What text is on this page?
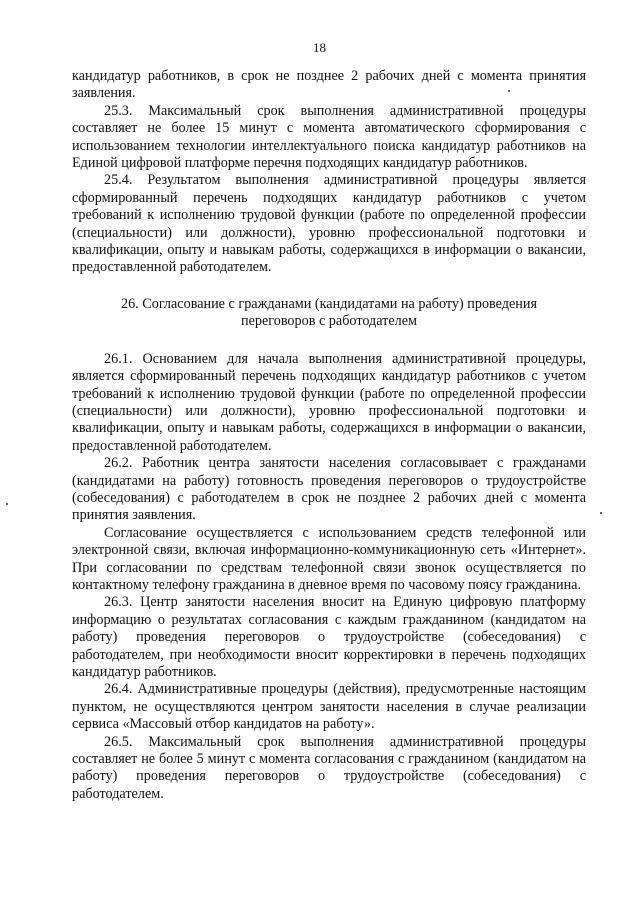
18

кандидатур работников, в срок не позднее 2 рабочих дней с момента принятия заявления.

25.3. Максимальный срок выполнения административной процедуры составляет не более 15 минут с момента автоматического сформирования с использованием технологии интеллектуального поиска кандидатур работников на Единой цифровой платформе перечня подходящих кандидатур работников.

25.4. Результатом выполнения административной процедуры является сформированный перечень подходящих кандидатур работников с учетом требований к исполнению трудовой функции (работе по определенной профессии (специальности) или должности), уровню профессиональной подготовки и квалификации, опыту и навыкам работы, содержащихся в информации о вакансии, предоставленной работодателем.

26. Согласование с гражданами (кандидатами на работу) проведения переговоров с работодателем

26.1. Основанием для начала выполнения административной процедуры, является сформированный перечень подходящих кандидатур работников с учетом требований к исполнению трудовой функции (работе по определенной профессии (специальности) или должности), уровню профессиональной подготовки и квалификации, опыту и навыкам работы, содержащихся в информации о вакансии, предоставленной работодателем.

26.2. Работник центра занятости населения согласовывает с гражданами (кандидатами на работу) готовность проведения переговоров о трудоустройстве (собеседования) с работодателем в срок не позднее 2 рабочих дней с момента принятия заявления.

Согласование осуществляется с использованием средств телефонной или электронной связи, включая информационно-коммуникационную сеть «Интернет». При согласовании по средствам телефонной связи звонок осуществляется по контактному телефону гражданина в дневное время по часовому поясу гражданина.

26.3. Центр занятости населения вносит на Единую цифровую платформу информацию о результатах согласования с каждым гражданином (кандидатом на работу) проведения переговоров о трудоустройстве (собеседования) с работодателем, при необходимости вносит корректировки в перечень подходящих кандидатур работников.

26.4. Административные процедуры (действия), предусмотренные настоящим пунктом, не осуществляются центром занятости населения в случае реализации сервиса «Массовый отбор кандидатов на работу».

26.5. Максимальный срок выполнения административной процедуры составляет не более 5 минут с момента согласования с гражданином (кандидатом на работу) проведения переговоров о трудоустройстве (собеседования) с работодателем.
